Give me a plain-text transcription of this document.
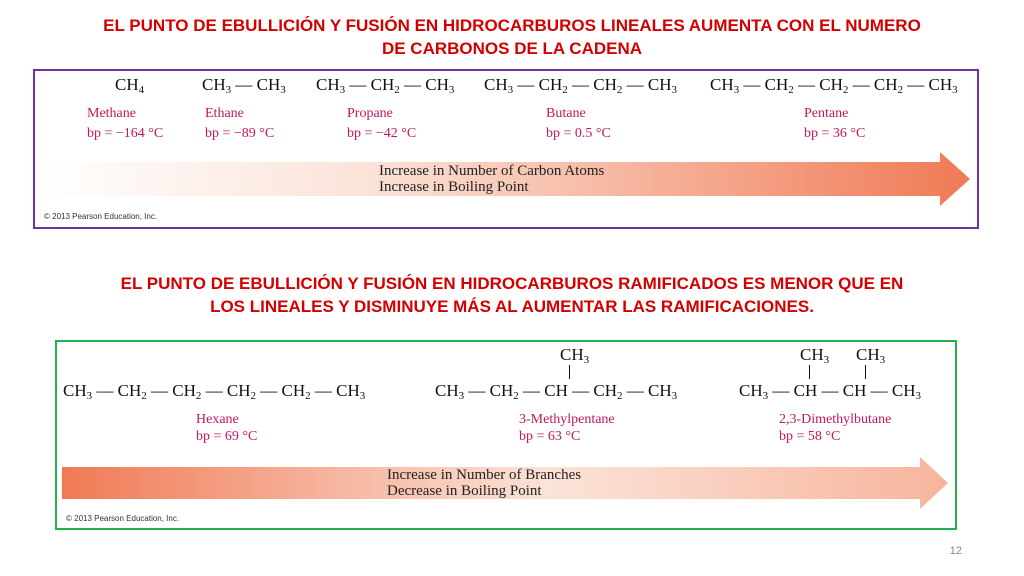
EL PUNTO DE EBULLICIÓN Y FUSIÓN EN HIDROCARBUROS LINEALES AUMENTA CON EL NUMERO
DE CARBONOS DE LA CADENA
$CH_4$	$CH_3$ — $CH_3$ $CH_3$ — $CH_2$ — $CH_3$ $CH_3$ — $CH_2$ — $CH_2$ — $CH_3$ $CH_3$ — $CH_2$ — $CH_2$ — $CH_2$ — $CH_3$
Methane
bp = −164 °C
Ethane
bp = −89 °C
Propane
bp = −42 °C
Butane
bp = 0.5 °C
Pentane
bp = 36 °C
Increase in Number of Carbon Atoms
Increase in Boiling Point
© 2013 Pearson Education, Inc.
EL PUNTO DE EBULLICIÓN Y FUSIÓN EN HIDROCARBUROS RAMIFICADOS ES MENOR QUE EN
LOS LINEALES Y DISMINUYE MÁS AL AUMENTAR LAS RAMIFICACIONES.
$CH_3$ — $CH_2$ — $CH_2$ — $CH_2$ — $CH_2$ — $CH_3$
$CH_3$
$CH_3$ — $CH_2$ — CH — $CH_2$ — $CH_3$
$CH_3$ $CH_3$
$CH_3$ — CH — CH — $CH_3$
Hexane
bp = 69 °C
3-Methylpentane
bp = 63 °C
2,3-Dimethylbutane
bp = 58 °C
Increase in Number of Branches
Decrease in Boiling Point
© 2013 Pearson Education, Inc.
12
